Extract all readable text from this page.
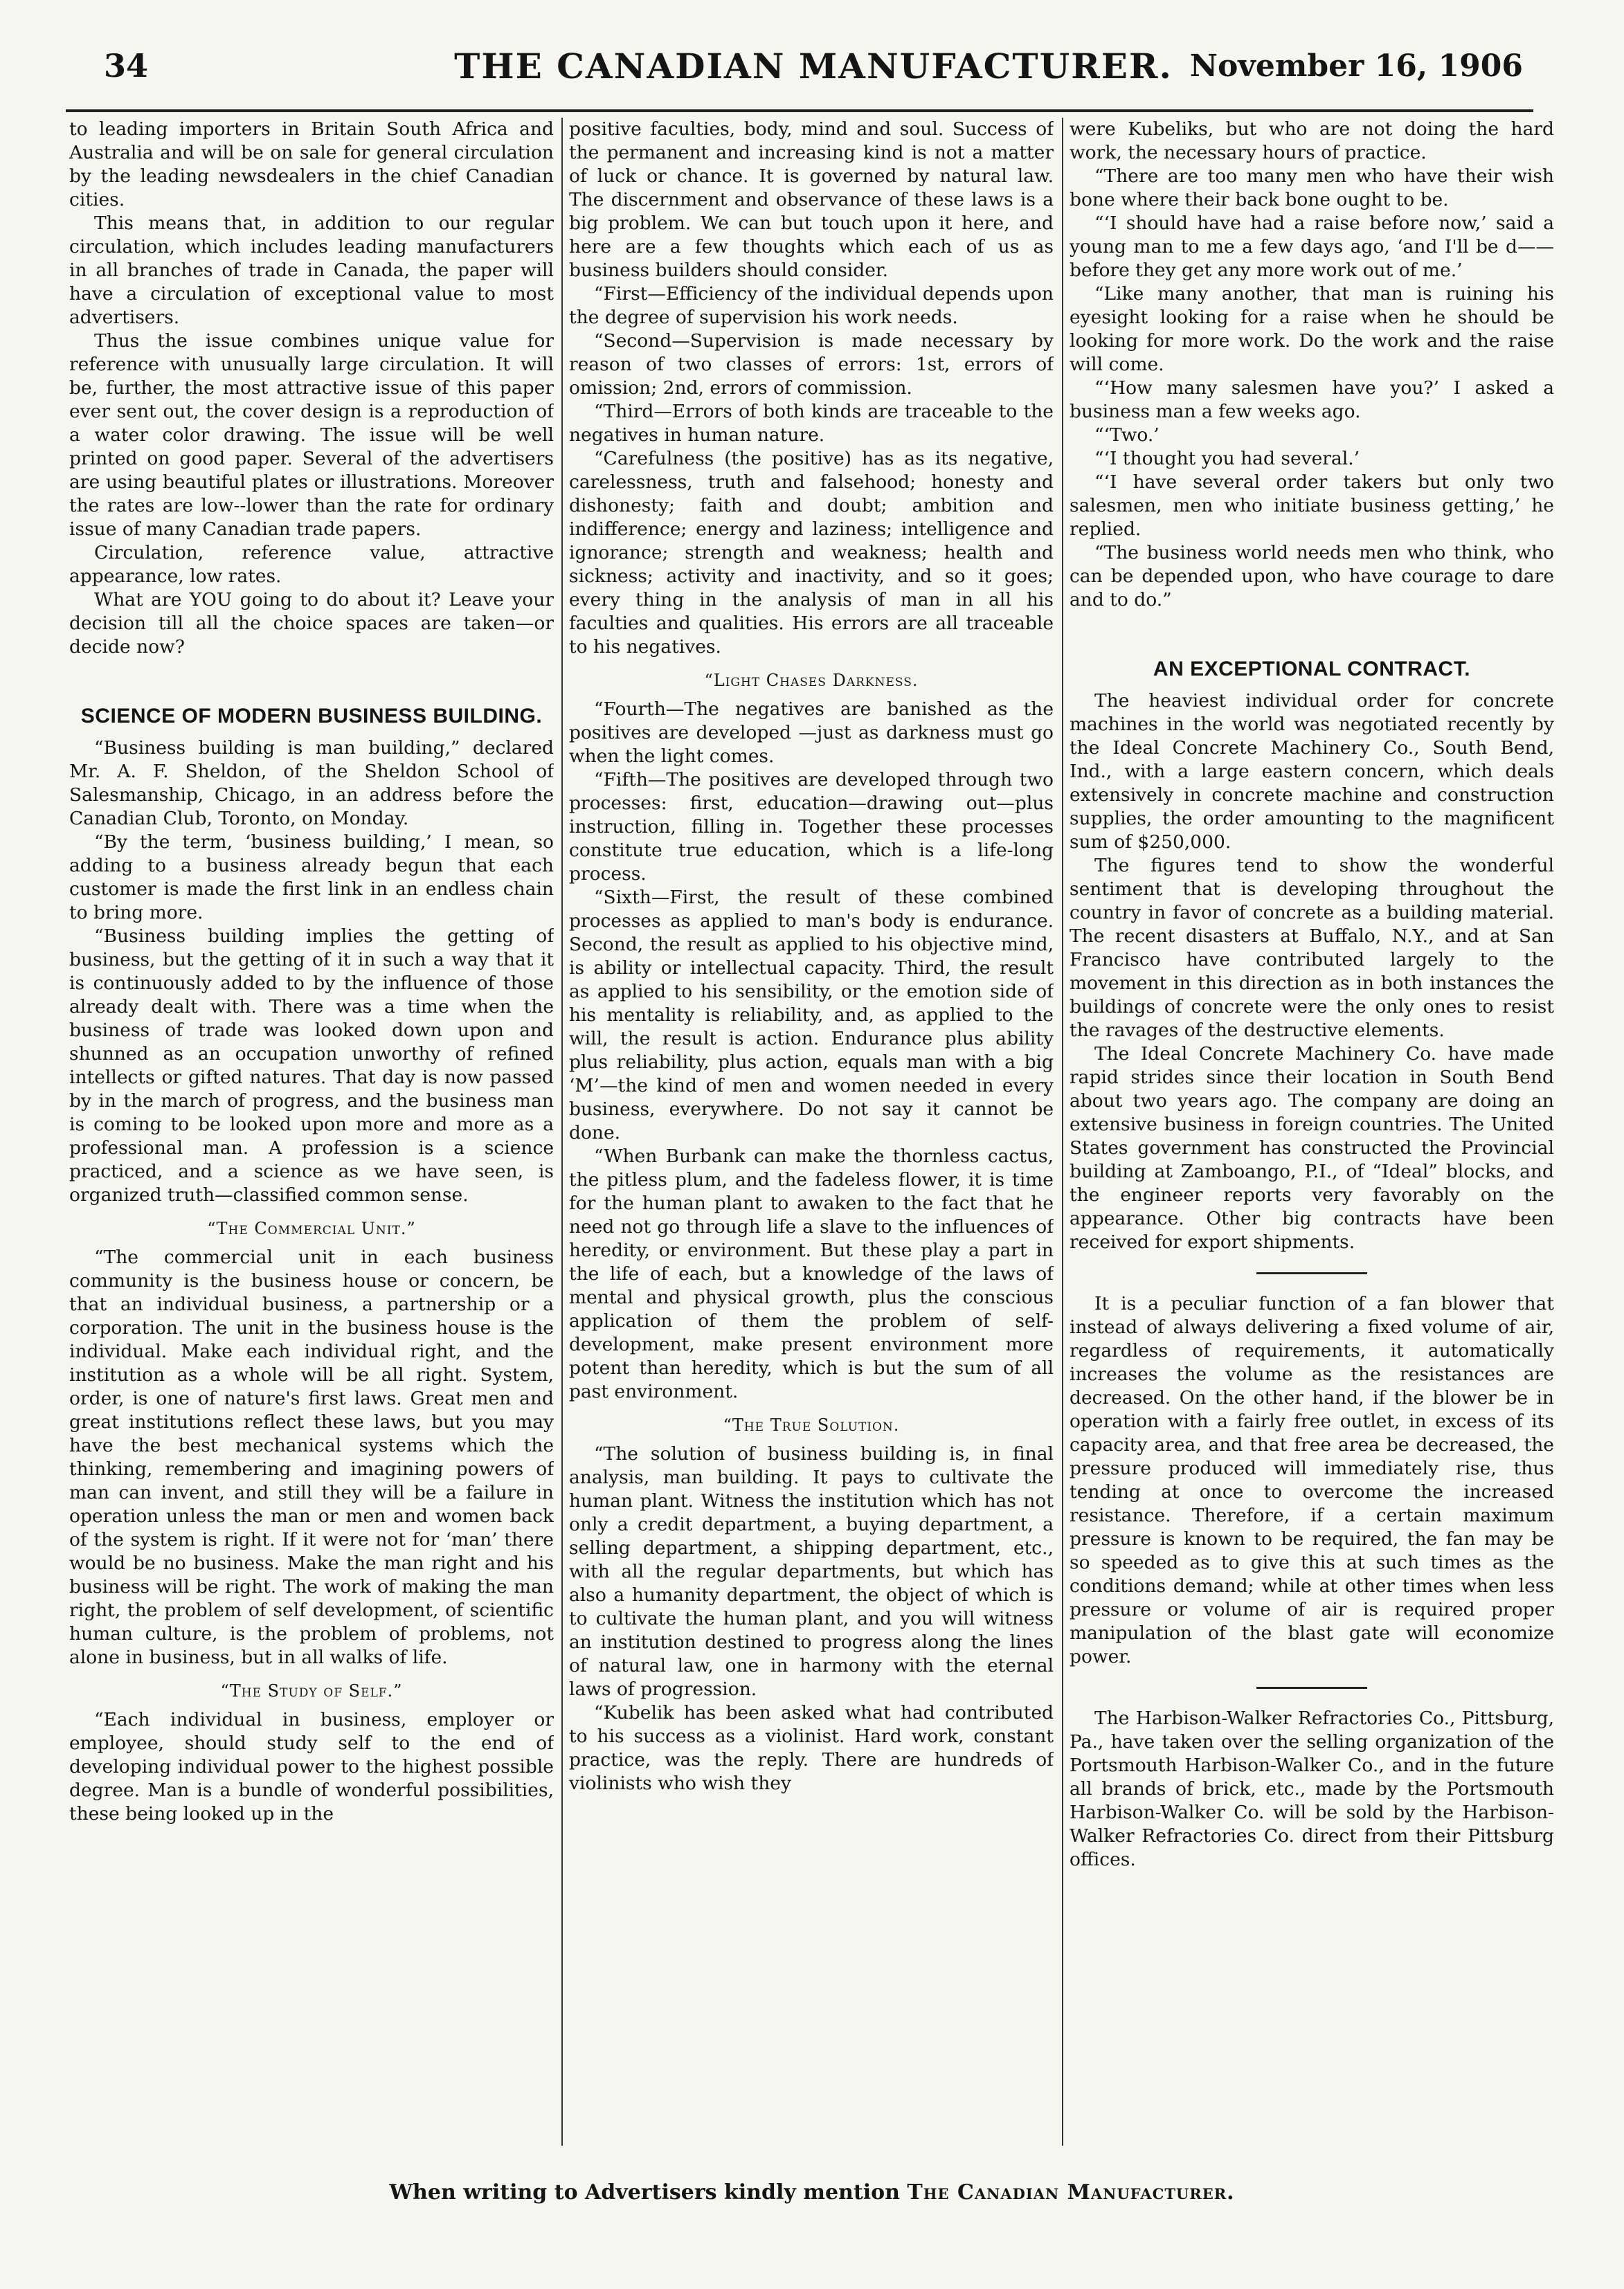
34	THE CANADIAN MANUFACTURER. November 16, 1906

to leading importers in Britain South Africa and Australia and will be on sale for general circulation by the leading newsdealers in the chief Canadian cities.

This means that, in addition to our regular circulation, which includes leading manufacturers in all branches of trade in Canada, the paper will have a circulation of exceptional value to most advertisers.

Thus the issue combines unique value for reference with unusually large circulation. It will be, further, the most attractive issue of this paper ever sent out, the cover design is a reproduction of a water color drawing. The issue will be well printed on good paper. Several of the advertisers are using beautiful plates or illustrations. Moreover the rates are low--lower than the rate for ordinary issue of many Canadian trade papers.

Circulation, reference value, attractive appearance, low rates.

What are YOU going to do about it? Leave your decision till all the choice spaces are taken—or decide now?

SCIENCE OF MODERN BUSINESS BUILDING.

“Business building is man building,” declared Mr. A. F. Sheldon, of the Sheldon School of Salesmanship, Chicago, in an address before the Canadian Club, Toronto, on Monday.

“By the term, ‘business building,’ I mean, so adding to a business already begun that each customer is made the first link in an endless chain to bring more.

“Business building implies the getting of business, but the getting of it in such a way that it is continuously added to by the influence of those already dealt with. There was a time when the business of trade was looked down upon and shunned as an occupation unworthy of refined intellects or gifted natures. That day is now passed by in the march of progress, and the business man is coming to be looked upon more and more as a professional man. A profession is a science practiced, and a science as we have seen, is organized truth—classified common sense.

“The Commercial Unit.”

“The commercial unit in each business community is the business house or concern, be that an individual business, a partnership or a corporation. The unit in the business house is the individual. Make each individual right, and the institution as a whole will be all right. System, order, is one of nature's first laws. Great men and great institutions reflect these laws, but you may have the best mechanical systems which the thinking, remembering and imagining powers of man can invent, and still they will be a failure in operation unless the man or men and women back of the system is right. If it were not for ‘man’ there would be no business. Make the man right and his business will be right. The work of making the man right, the problem of self development, of scientific human culture, is the problem of problems, not alone in business, but in all walks of life.

“The Study of Self.”

“Each individual in business, employer or employee, should study self to the end of developing individual power to the highest possible degree. Man is a bundle of wonderful possibilities, these being looked up in the

positive faculties, body, mind and soul. Success of the permanent and increasing kind is not a matter of luck or chance. It is governed by natural law. The discernment and observance of these laws is a big problem. We can but touch upon it here, and here are a few thoughts which each of us as business builders should consider.

“First—Efficiency of the individual depends upon the degree of supervision his work needs.

“Second—Supervision is made necessary by reason of two classes of errors: 1st, errors of omission; 2nd, errors of commission.

“Third—Errors of both kinds are traceable to the negatives in human nature.

“Carefulness (the positive) has as its negative, carelessness, truth and falsehood; honesty and dishonesty; faith and doubt; ambition and indifference; energy and laziness; intelligence and ignorance; strength and weakness; health and sickness; activity and inactivity, and so it goes; every thing in the analysis of man in all his faculties and qualities. His errors are all traceable to his negatives.

“Light Chases Darkness.

“Fourth—The negatives are banished as the positives are developed —just as darkness must go when the light comes.

“Fifth—The positives are developed through two processes: first, education—drawing out—plus instruction, filling in. Together these processes constitute true education, which is a life-long process.

“Sixth—First, the result of these combined processes as applied to man's body is endurance. Second, the result as applied to his objective mind, is ability or intellectual capacity. Third, the result as applied to his sensibility, or the emotion side of his mentality is reliability, and, as applied to the will, the result is action. Endurance plus ability plus reliability, plus action, equals man with a big ‘M’—the kind of men and women needed in every business, everywhere. Do not say it cannot be done.

“When Burbank can make the thornless cactus, the pitless plum, and the fadeless flower, it is time for the human plant to awaken to the fact that he need not go through life a slave to the influences of heredity, or environment. But these play a part in the life of each, but a knowledge of the laws of mental and physical growth, plus the conscious application of them the problem of self-development, make present environment more potent than heredity, which is but the sum of all past environment.

“The True Solution.

“The solution of business building is, in final analysis, man building. It pays to cultivate the human plant. Witness the institution which has not only a credit department, a buying department, a selling department, a shipping department, etc., with all the regular departments, but which has also a humanity department, the object of which is to cultivate the human plant, and you will witness an institution destined to progress along the lines of natural law, one in harmony with the eternal laws of progression.

“Kubelik has been asked what had contributed to his success as a violinist. Hard work, constant practice, was the reply. There are hundreds of violinists who wish they

were Kubeliks, but who are not doing the hard work, the necessary hours of practice.

“There are too many men who have their wish bone where their back bone ought to be.

“‘I should have had a raise before now,’ said a young man to me a few days ago, ‘and I'll be d—— before they get any more work out of me.’

“Like many another, that man is ruining his eyesight looking for a raise when he should be looking for more work. Do the work and the raise will come.

“‘How many salesmen have you?’ I asked a business man a few weeks ago.

“‘Two.’

“‘I thought you had several.’

“‘I have several order takers but only two salesmen, men who initiate business getting,’ he replied.

“The business world needs men who think, who can be depended upon, who have courage to dare and to do.”

AN EXCEPTIONAL CONTRACT.

The heaviest individual order for concrete machines in the world was negotiated recently by the Ideal Concrete Machinery Co., South Bend, Ind., with a large eastern concern, which deals extensively in concrete machine and construction supplies, the order amounting to the magnificent sum of $250,000.

The figures tend to show the wonderful sentiment that is developing throughout the country in favor of concrete as a building material. The recent disasters at Buffalo, N.Y., and at San Francisco have contributed largely to the movement in this direction as in both instances the buildings of concrete were the only ones to resist the ravages of the destructive elements.

The Ideal Concrete Machinery Co. have made rapid strides since their location in South Bend about two years ago. The company are doing an extensive business in foreign countries. The United States government has constructed the Provincial building at Zamboango, P.I., of “Ideal” blocks, and the engineer reports very favorably on the appearance. Other big contracts have been received for export shipments.

It is a peculiar function of a fan blower that instead of always delivering a fixed volume of air, regardless of requirements, it automatically increases the volume as the resistances are decreased. On the other hand, if the blower be in operation with a fairly free outlet, in excess of its capacity area, and that free area be decreased, the pressure produced will immediately rise, thus tending at once to overcome the increased resistance. Therefore, if a certain maximum pressure is known to be required, the fan may be so speeded as to give this at such times as the conditions demand; while at other times when less pressure or volume of air is required proper manipulation of the blast gate will economize power.

The Harbison-Walker Refractories Co., Pittsburg, Pa., have taken over the selling organization of the Portsmouth Harbison-Walker Co., and in the future all brands of brick, etc., made by the Portsmouth Harbison-Walker Co. will be sold by the Harbison-Walker Refractories Co. direct from their Pittsburg offices.

When writing to Advertisers kindly mention The Canadian Manufacturer.
